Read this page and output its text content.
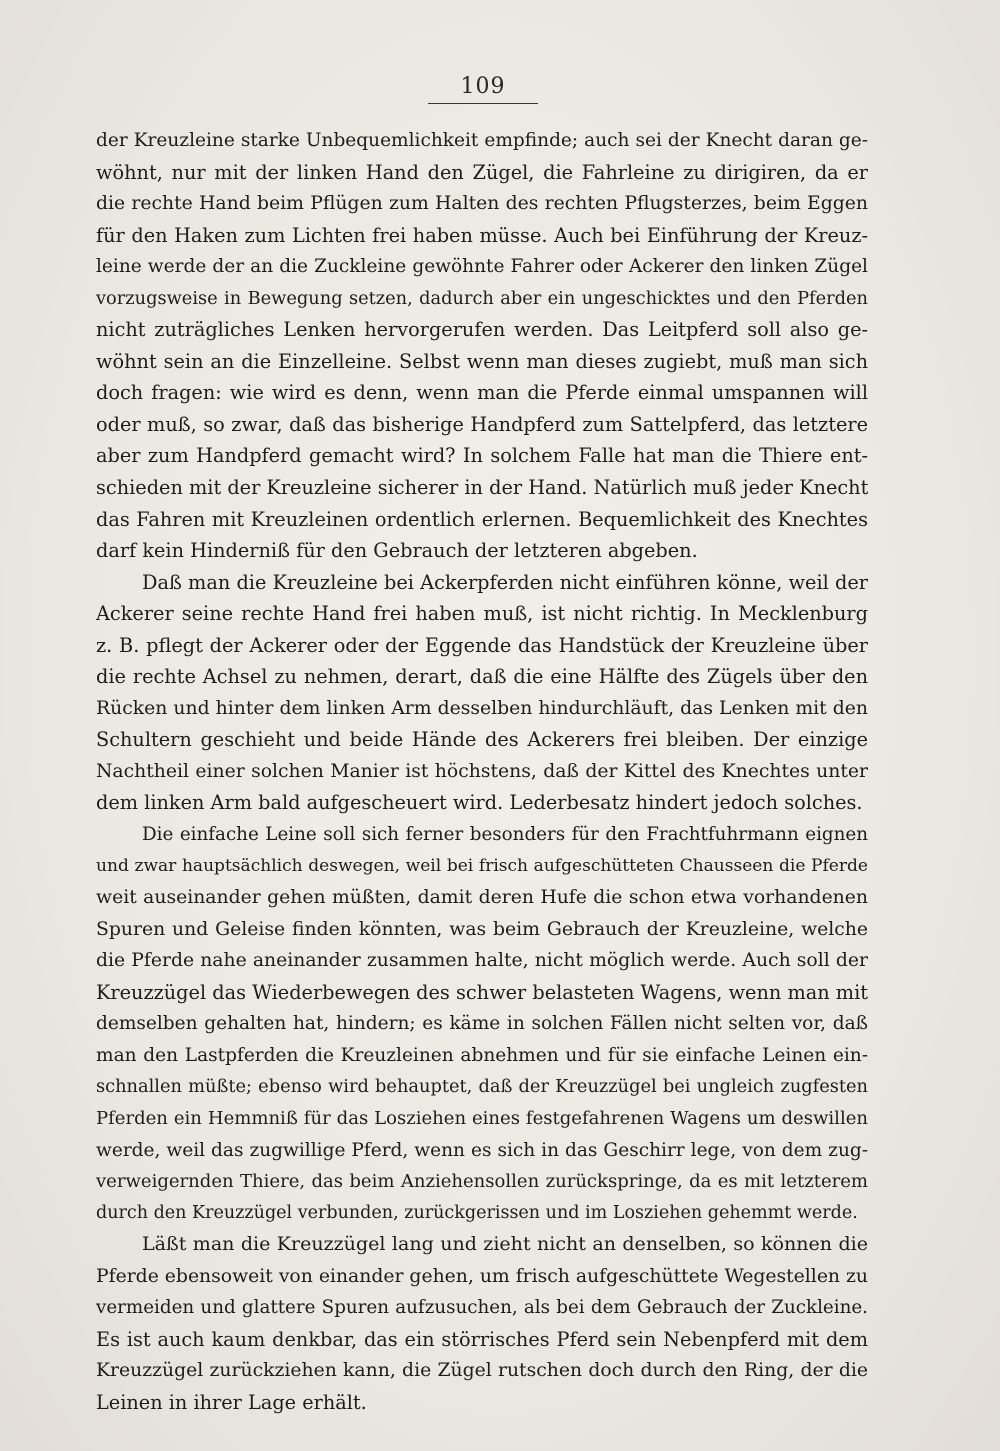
109
der Kreuzleine starke Unbequemlichkeit empfinde; auch sei der Knecht daran ge-
wöhnt, nur mit der linken Hand den Zügel, die Fahrleine zu dirigiren, da er
die rechte Hand beim Pflügen zum Halten des rechten Pflugsterzes, beim Eggen
für den Haken zum Lichten frei haben müsse. Auch bei Einführung der Kreuz-
leine werde der an die Zuckleine gewöhnte Fahrer oder Ackerer den linken Zügel
vorzugsweise in Bewegung setzen, dadurch aber ein ungeschicktes und den Pferden
nicht zuträgliches Lenken hervorgerufen werden. Das Leitpferd soll also ge-
wöhnt sein an die Einzelleine. Selbst wenn man dieses zugiebt, muß man sich
doch fragen: wie wird es denn, wenn man die Pferde einmal umspannen will
oder muß, so zwar, daß das bisherige Handpferd zum Sattelpferd, das letztere
aber zum Handpferd gemacht wird? In solchem Falle hat man die Thiere ent-
schieden mit der Kreuzleine sicherer in der Hand. Natürlich muß jeder Knecht
das Fahren mit Kreuzleinen ordentlich erlernen. Bequemlichkeit des Knechtes
darf kein Hinderniß für den Gebrauch der letzteren abgeben.
Daß man die Kreuzleine bei Ackerpferden nicht einführen könne, weil der
Ackerer seine rechte Hand frei haben muß, ist nicht richtig. In Mecklenburg
z. B. pflegt der Ackerer oder der Eggende das Handstück der Kreuzleine über
die rechte Achsel zu nehmen, derart, daß die eine Hälfte des Zügels über den
Rücken und hinter dem linken Arm desselben hindurchläuft, das Lenken mit den
Schultern geschieht und beide Hände des Ackerers frei bleiben. Der einzige
Nachtheil einer solchen Manier ist höchstens, daß der Kittel des Knechtes unter
dem linken Arm bald aufgescheuert wird. Lederbesatz hindert jedoch solches.
Die einfache Leine soll sich ferner besonders für den Frachtfuhrmann eignen
und zwar hauptsächlich deswegen, weil bei frisch aufgeschütteten Chausseen die Pferde
weit auseinander gehen müßten, damit deren Hufe die schon etwa vorhandenen
Spuren und Geleise finden könnten, was beim Gebrauch der Kreuzleine, welche
die Pferde nahe aneinander zusammen halte, nicht möglich werde. Auch soll der
Kreuzzügel das Wiederbewegen des schwer belasteten Wagens, wenn man mit
demselben gehalten hat, hindern; es käme in solchen Fällen nicht selten vor, daß
man den Lastpferden die Kreuzleinen abnehmen und für sie einfache Leinen ein-
schnallen müßte; ebenso wird behauptet, daß der Kreuzzügel bei ungleich zugfesten
Pferden ein Hemmniß für das Losziehen eines festgefahrenen Wagens um deswillen
werde, weil das zugwillige Pferd, wenn es sich in das Geschirr lege, von dem zug-
verweigernden Thiere, das beim Anziehensollen zurückspringe, da es mit letzterem
durch den Kreuzzügel verbunden, zurückgerissen und im Losziehen gehemmt werde.
Läßt man die Kreuzzügel lang und zieht nicht an denselben, so können die
Pferde ebensoweit von einander gehen, um frisch aufgeschüttete Wegestellen zu
vermeiden und glattere Spuren aufzusuchen, als bei dem Gebrauch der Zuckleine.
Es ist auch kaum denkbar, das ein störrisches Pferd sein Nebenpferd mit dem
Kreuzzügel zurückziehen kann, die Zügel rutschen doch durch den Ring, der die
Leinen in ihrer Lage erhält.
